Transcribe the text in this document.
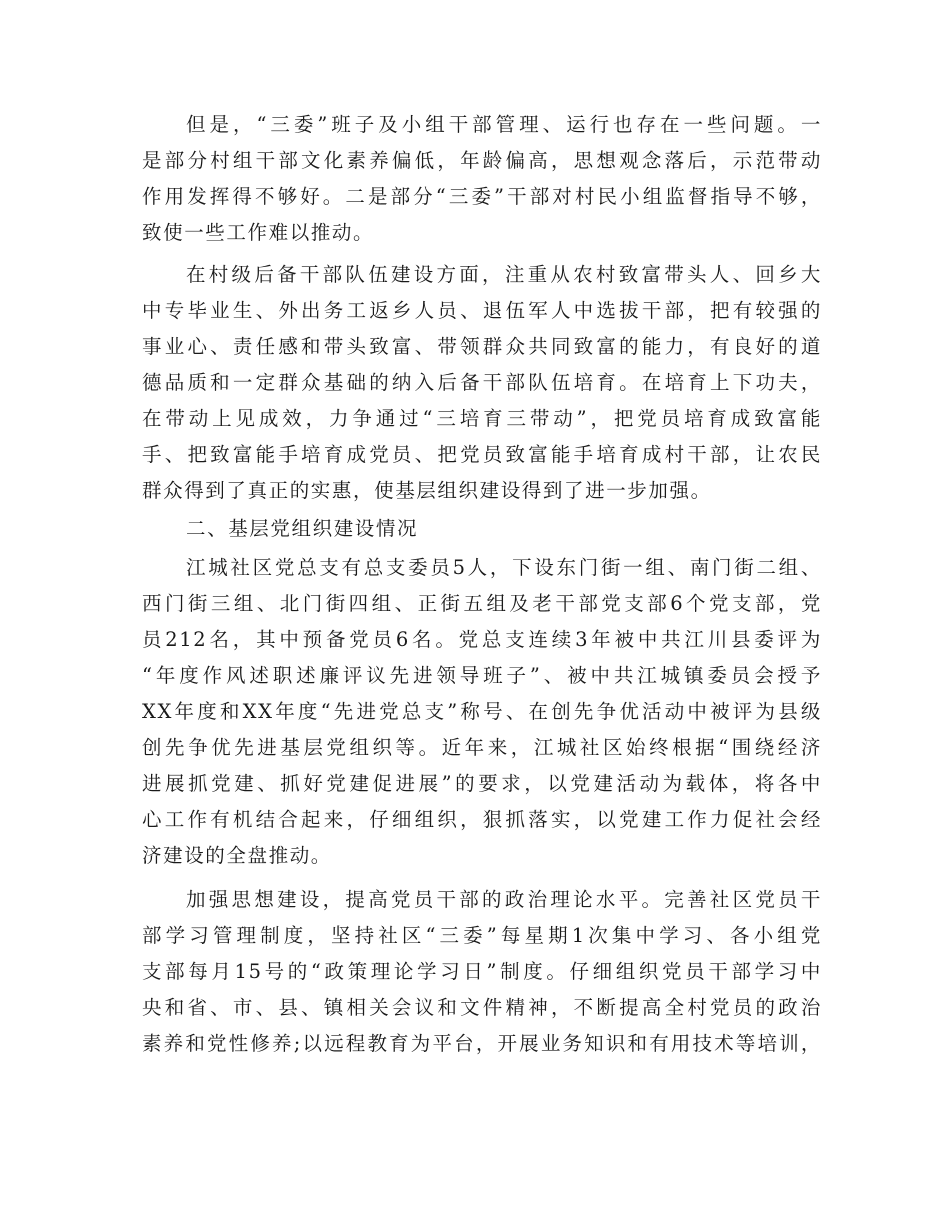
但是，“三委”班子及小组干部管理、运行也存在一些问题。一
是部分村组干部文化素养偏低，年龄偏高，思想观念落后，示范带动
作用发挥得不够好。二是部分“三委”干部对村民小组监督指导不够，
致使一些工作难以推动。
在村级后备干部队伍建设方面，注重从农村致富带头人、回乡大
中专毕业生、外出务工返乡人员、退伍军人中选拔干部，把有较强的
事业心、责任感和带头致富、带领群众共同致富的能力，有良好的道
德品质和一定群众基础的纳入后备干部队伍培育。在培育上下功夫，
在带动上见成效，力争通过“三培育三带动”，把党员培育成致富能
手、把致富能手培育成党员、把党员致富能手培育成村干部，让农民
群众得到了真正的实惠，使基层组织建设得到了进一步加强。
二、基层党组织建设情况
江城社区党总支有总支委员5人，下设东门街一组、南门街二组、
西门街三组、北门街四组、正街五组及老干部党支部6个党支部，党
员212名，其中预备党员6名。党总支连续3年被中共江川县委评为
“年度作风述职述廉评议先进领导班子”、被中共江城镇委员会授予
XX年度和XX年度“先进党总支”称号、在创先争优活动中被评为县级
创先争优先进基层党组织等。近年来，江城社区始终根据“围绕经济
进展抓党建、抓好党建促进展”的要求，以党建活动为载体，将各中
心工作有机结合起来，仔细组织，狠抓落实，以党建工作力促社会经
济建设的全盘推动。
加强思想建设，提高党员干部的政治理论水平。完善社区党员干
部学习管理制度，坚持社区“三委”每星期1次集中学习、各小组党
支部每月15号的“政策理论学习日”制度。仔细组织党员干部学习中
央和省、市、县、镇相关会议和文件精神，不断提高全村党员的政治
素养和党性修养;以远程教育为平台，开展业务知识和有用技术等培训，
